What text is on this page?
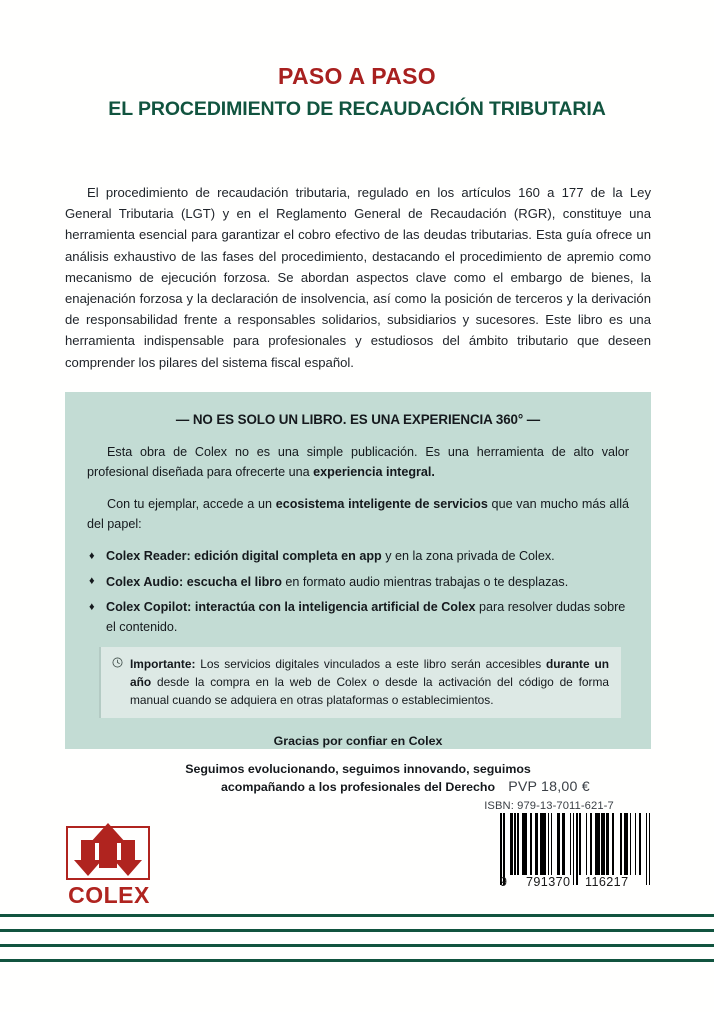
PASO A PASO
EL PROCEDIMIENTO DE RECAUDACIÓN TRIBUTARIA
El procedimiento de recaudación tributaria, regulado en los artículos 160 a 177 de la Ley General Tributaria (LGT) y en el Reglamento General de Recaudación (RGR), constituye una herramienta esencial para garantizar el cobro efectivo de las deudas tributarias. Esta guía ofrece un análisis exhaustivo de las fases del procedimiento, destacando el procedimiento de apremio como mecanismo de ejecución forzosa. Se abordan aspectos clave como el embargo de bienes, la enajenación forzosa y la declaración de insolvencia, así como la posición de terceros y la derivación de responsabilidad frente a responsables solidarios, subsidiarios y sucesores. Este libro es una herramienta indispensable para profesionales y estudiosos del ámbito tributario que deseen comprender los pilares del sistema fiscal español.
— NO ES SOLO UN LIBRO. ES UNA EXPERIENCIA 360° —

Esta obra de Colex no es una simple publicación. Es una herramienta de alto valor profesional diseñada para ofrecerte una experiencia integral.

Con tu ejemplar, accede a un ecosistema inteligente de servicios que van mucho más allá del papel:

♦ Colex Reader: edición digital completa en app y en la zona privada de Colex.
♦ Colex Audio: escucha el libro en formato audio mientras trabajas o te desplazas.
♦ Colex Copilot: interactúa con la inteligencia artificial de Colex para resolver dudas sobre el contenido.
Importante: Los servicios digitales vinculados a este libro serán accesibles durante un año desde la compra en la web de Colex o desde la activación del código de forma manual cuando se adquiera en otras plataformas o establecimientos.
Gracias por confiar en Colex
Seguimos evolucionando, seguimos innovando, seguimos
acompañando a los profesionales del Derecho PVP 18,00 €
ISBN: 979-13-7011-621-7
9 791370 116217
COLEX
